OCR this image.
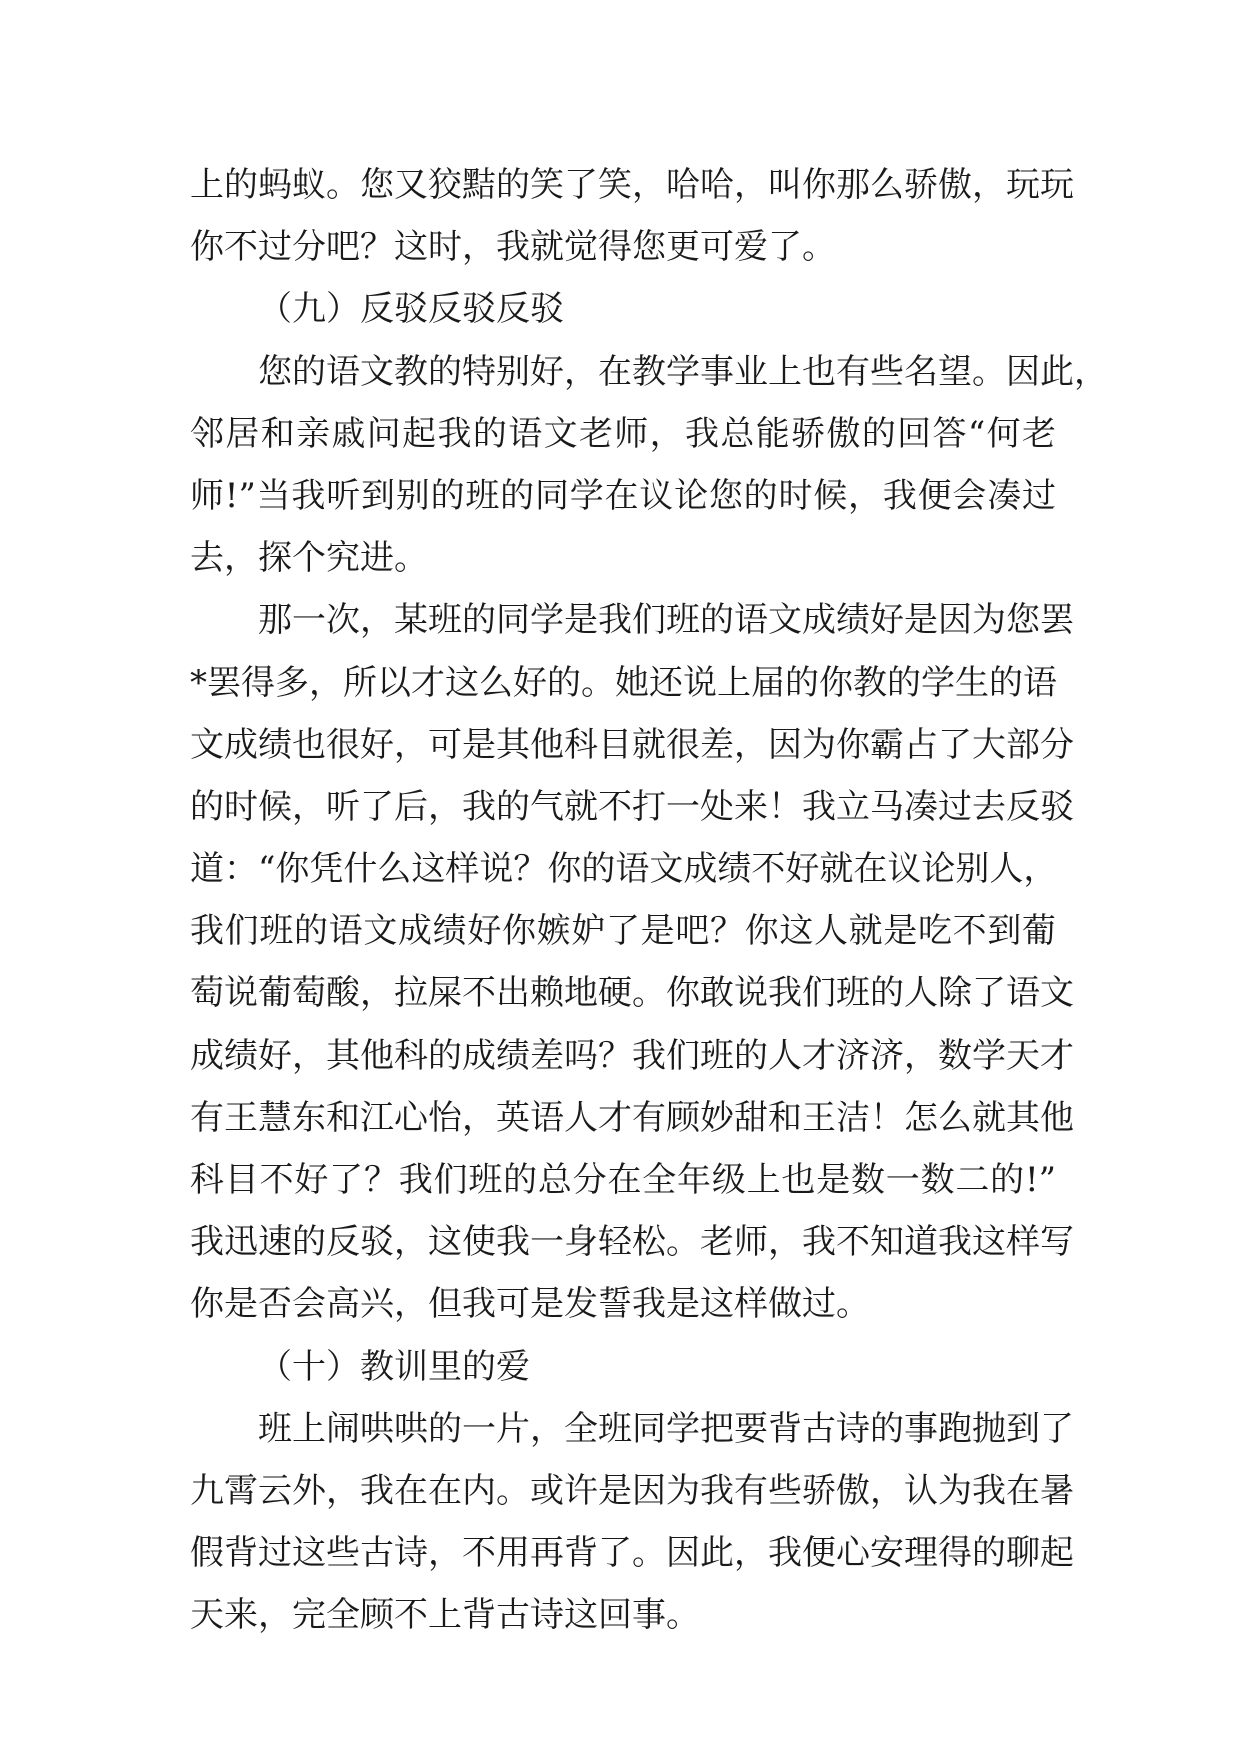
上的蚂蚁。您又狡黠的笑了笑，哈哈，叫你那么骄傲，玩玩
你不过分吧？这时，我就觉得您更可爱了。
（九）反驳反驳反驳
您的语文教的特别好，在教学事业上也有些名望。因此，
邻居和亲戚问起我的语文老师，我总能骄傲的回答“何老
师!”当我听到别的班的同学在议论您的时候，我便会凑过
去，探个究进。
那一次，某班的同学是我们班的语文成绩好是因为您罢
*罢得多，所以才这么好的。她还说上届的你教的学生的语
文成绩也很好，可是其他科目就很差，因为你霸占了大部分
的时候，听了后，我的气就不打一处来！我立马凑过去反驳
道：“你凭什么这样说？你的语文成绩不好就在议论别人，
我们班的语文成绩好你嫉妒了是吧？你这人就是吃不到葡
萄说葡萄酸，拉屎不出赖地硬。你敢说我们班的人除了语文
成绩好，其他科的成绩差吗？我们班的人才济济，数学天才
有王慧东和江心怡，英语人才有顾妙甜和王洁！怎么就其他
科目不好了？我们班的总分在全年级上也是数一数二的!”
我迅速的反驳，这使我一身轻松。老师，我不知道我这样写
你是否会高兴，但我可是发誓我是这样做过。
（十）教训里的爱
班上闹哄哄的一片，全班同学把要背古诗的事跑抛到了
九霄云外，我在在内。或许是因为我有些骄傲，认为我在暑
假背过这些古诗，不用再背了。因此，我便心安理得的聊起
天来，完全顾不上背古诗这回事。
